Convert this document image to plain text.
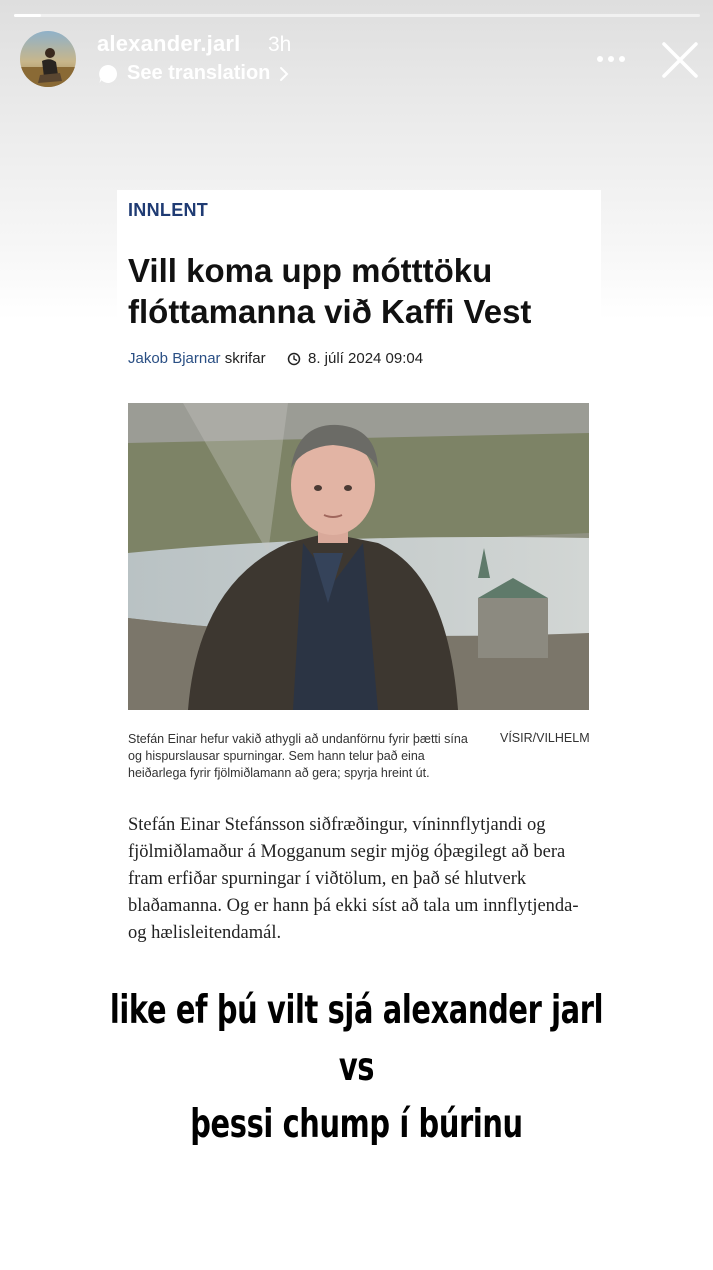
alexander.jarl 3h
See translation
INNLENT
Vill koma upp mótttöku flóttamanna við Kaffi Vest
Jakob Bjarnar skrifar	8. júlí 2024 09:04
Stefán Einar hefur vakið athygli að undanförnu fyrir þætti sína og hispurslausar spurningar. Sem hann telur það eina heiðarlega fyrir fjölmiðlamann að gera; spyrja hreint út.
VÍSIR/VILHELM
Stefán Einar Stefánsson siðfræðingur, víninnflytjandi og fjölmiðlamaður á Mogganum segir mjög óþægilegt að bera fram erfiðar spurningar í viðtölum, en það sé hlutverk blaðamanna. Og er hann þá ekki síst að tala um innflytjenda- og hælisleitendamál.
like ef þú vilt sjá alexander jarl vs
þessi chump í búrinu
